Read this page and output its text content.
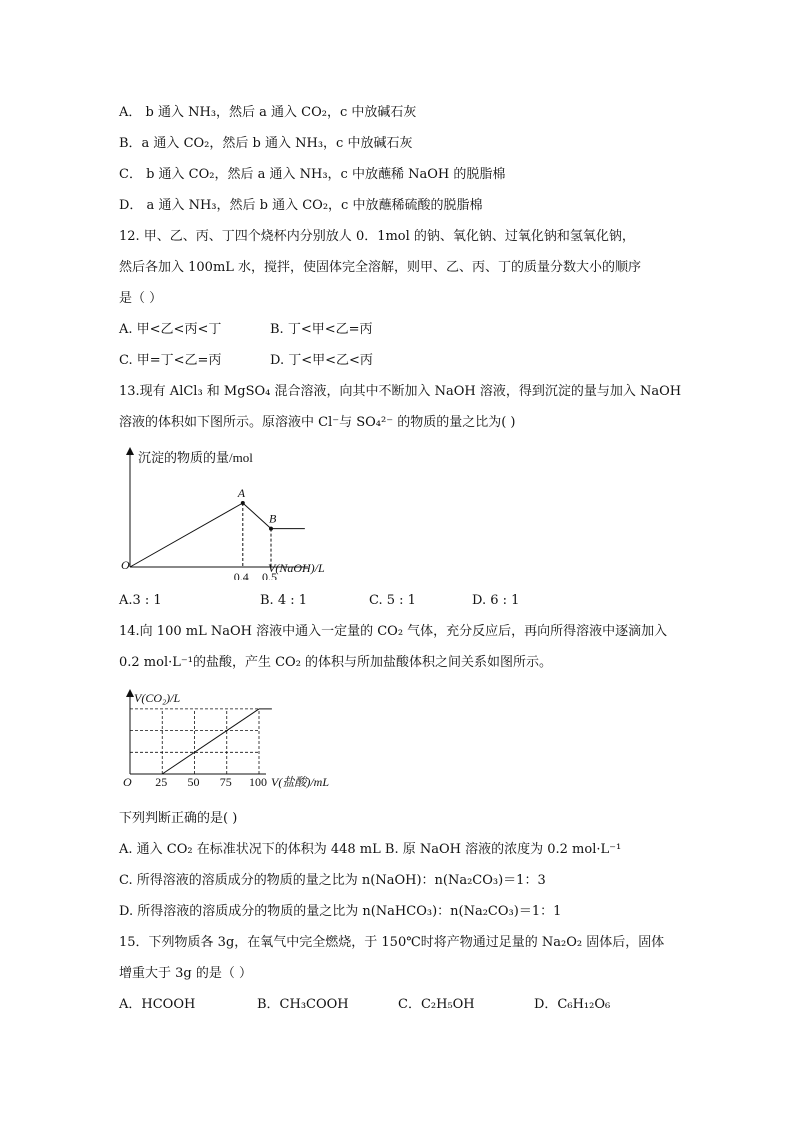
A． b 通入 NH₃，然后 a 通入 CO₂，c 中放碱石灰
B．a 通入 CO₂，然后 b 通入 NH₃，c 中放碱石灰
C． b 通入 CO₂，然后 a 通入 NH₃，c 中放蘸稀 NaOH 的脱脂棉
D． a 通入 NH₃，然后 b 通入 CO₂，c 中放蘸稀硫酸的脱脂棉
12. 甲、乙、丙、丁四个烧杯内分别放人 0．1mol 的钠、氧化钠、过氧化钠和氢氧化钠，
然后各加入 100mL 水，搅拌，使固体完全溶解，则甲、乙、丙、丁的质量分数大小的顺序
是（ ）
A. 甲<乙<丙<丁	B. 丁<甲<乙=丙
C. 甲=丁<乙=丙	D. 丁<甲<乙<丙
13.现有 AlCl₃ 和 MgSO₄ 混合溶液，向其中不断加入 NaOH 溶液，得到沉淀的量与加入 NaOH
溶液的体积如下图所示。原溶液中 Cl⁻与 SO₄²⁻ 的物质的量之比为( )
沉淀的物质的量/mol
V(NaOH)/L
O
A
0.4
B
0.5
A.3 : 1	B. 4 : 1	C. 5 : 1	D. 6 : 1
14.向 100 mL NaOH 溶液中通入一定量的 CO₂ 气体，充分反应后，再向所得溶液中逐滴加入
0.2 mol·L⁻¹的盐酸，产生 CO₂ 的体积与所加盐酸体积之间关系如图所示。
V(CO₂)/L
V(盐酸)/mL
O 25 50 75 100
下列判断正确的是( )
A. 通入 CO₂ 在标准状况下的体积为 448 mL B. 原 NaOH 溶液的浓度为 0.2 mol·L⁻¹
C. 所得溶液的溶质成分的物质的量之比为 n(NaOH)：n(Na₂CO₃)＝1：3
D. 所得溶液的溶质成分的物质的量之比为 n(NaHCO₃)：n(Na₂CO₃)＝1：1
15．下列物质各 3g，在氧气中完全燃烧，于 150℃时将产物通过足量的 Na₂O₂ 固体后，固体
增重大于 3g 的是（ ）
A．HCOOH	B．CH₃COOH	C．C₂H₅OH	D．C₆H₁₂O₆
